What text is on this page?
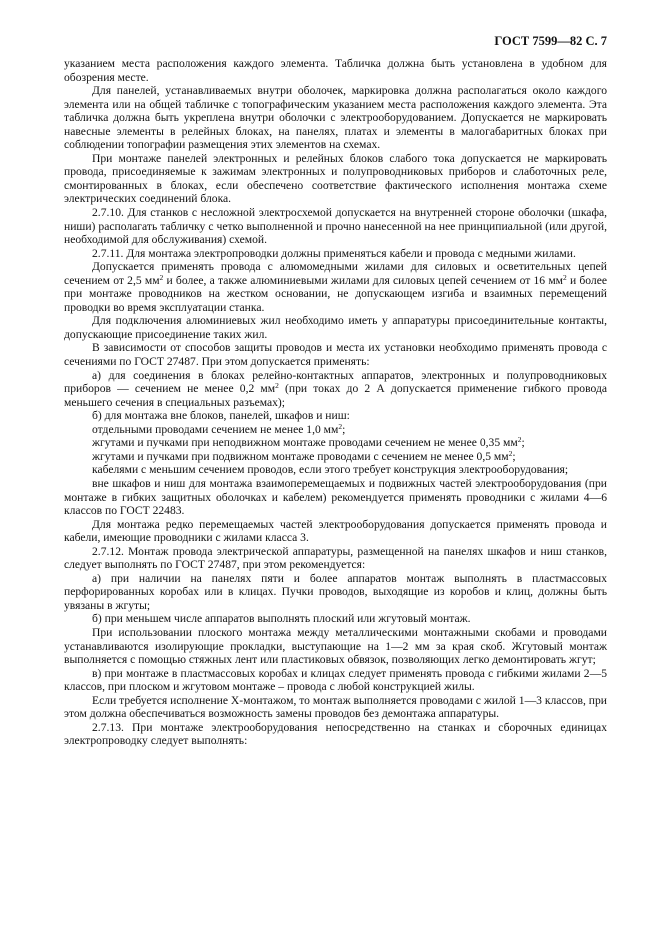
ГОСТ 7599—82 С. 7

указанием места расположения каждого элемента. Табличка должна быть установлена в удобном для обозрения месте.

Для панелей, устанавливаемых внутри оболочек, маркировка должна располагаться около каждого элемента или на общей табличке с топографическим указанием места расположения каждого элемента. Эта табличка должна быть укреплена внутри оболочки с электрооборудованием. Допускается не маркировать навесные элементы в релейных блоках, на панелях, платах и элементы в малогабаритных блоках при соблюдении топографии размещения этих элементов на схемах.

При монтаже панелей электронных и релейных блоков слабого тока допускается не маркировать провода, присоединяемые к зажимам электронных и полупроводниковых приборов и слаботочных реле, смонтированных в блоках, если обеспечено соответствие фактического исполнения монтажа схеме электрических соединений блока.

2.7.10. Для станков с несложной электросхемой допускается на внутренней стороне оболочки (шкафа, ниши) располагать табличку с четко выполненной и прочно нанесенной на нее принципиальной (или другой, необходимой для обслуживания) схемой.

2.7.11. Для монтажа электропроводки должны применяться кабели и провода с медными жилами.

Допускается применять провода с алюмомедными жилами для силовых и осветительных цепей сечением от 2,5 $мм^2$ и более, а также алюминиевыми жилами для силовых цепей сечением от 16 $мм^2$ и более при монтаже проводников на жестком основании, не допускающем изгиба и взаимных перемещений проводки во время эксплуатации станка.

Для подключения алюминиевых жил необходимо иметь у аппаратуры присоединительные контакты, допускающие присоединение таких жил.

В зависимости от способов защиты проводов и места их установки необходимо применять провода с сечениями по ГОСТ 27487. При этом допускается применять:

а) для соединения в блоках релейно-контактных аппаратов, электронных и полупроводниковых приборов — сечением не менее 0,2 $мм^2$ (при токах до 2 А допускается применение гибкого провода меньшего сечения в специальных разъемах);

б) для монтажа вне блоков, панелей, шкафов и ниш:

отдельными проводами сечением не менее 1,0 $мм^2$;

жгутами и пучками при неподвижном монтаже проводами сечением не менее 0,35 $мм^2$;

жгутами и пучками при подвижном монтаже проводами с сечением не менее 0,5 $мм^2$;

кабелями с меньшим сечением проводов, если этого требует конструкция электрооборудования;

вне шкафов и ниш для монтажа взаимоперемещаемых и подвижных частей электрооборудования (при монтаже в гибких защитных оболочках и кабелем) рекомендуется применять проводники с жилами 4—6 классов по ГОСТ 22483.

Для монтажа редко перемещаемых частей электрооборудования допускается применять провода и кабели, имеющие проводники с жилами класса 3.

2.7.12. Монтаж провода электрической аппаратуры, размещенной на панелях шкафов и ниш станков, следует выполнять по ГОСТ 27487, при этом рекомендуется:

а) при наличии на панелях пяти и более аппаратов монтаж выполнять в пластмассовых перфорированных коробах или в клицах. Пучки проводов, выходящие из коробов и клиц, должны быть увязаны в жгуты;

б) при меньшем числе аппаратов выполнять плоский или жгутовый монтаж.

При использовании плоского монтажа между металлическими монтажными скобами и проводами устанавливаются изолирующие прокладки, выступающие на 1—2 мм за края скоб. Жгутовый монтаж выполняется с помощью стяжных лент или пластиковых обвязок, позволяющих легко демонтировать жгут;

в) при монтаже в пластмассовых коробах и клицах следует применять провода с гибкими жилами 2—5 классов, при плоском и жгутовом монтаже – провода с любой конструкцией жилы.

Если требуется исполнение Х-монтажом, то монтаж выполняется проводами с жилой 1—3 классов, при этом должна обеспечиваться возможность замены проводов без демонтажа аппаратуры.

2.7.13. При монтаже электрооборудования непосредственно на станках и сборочных единицах электропроводку следует выполнять:
